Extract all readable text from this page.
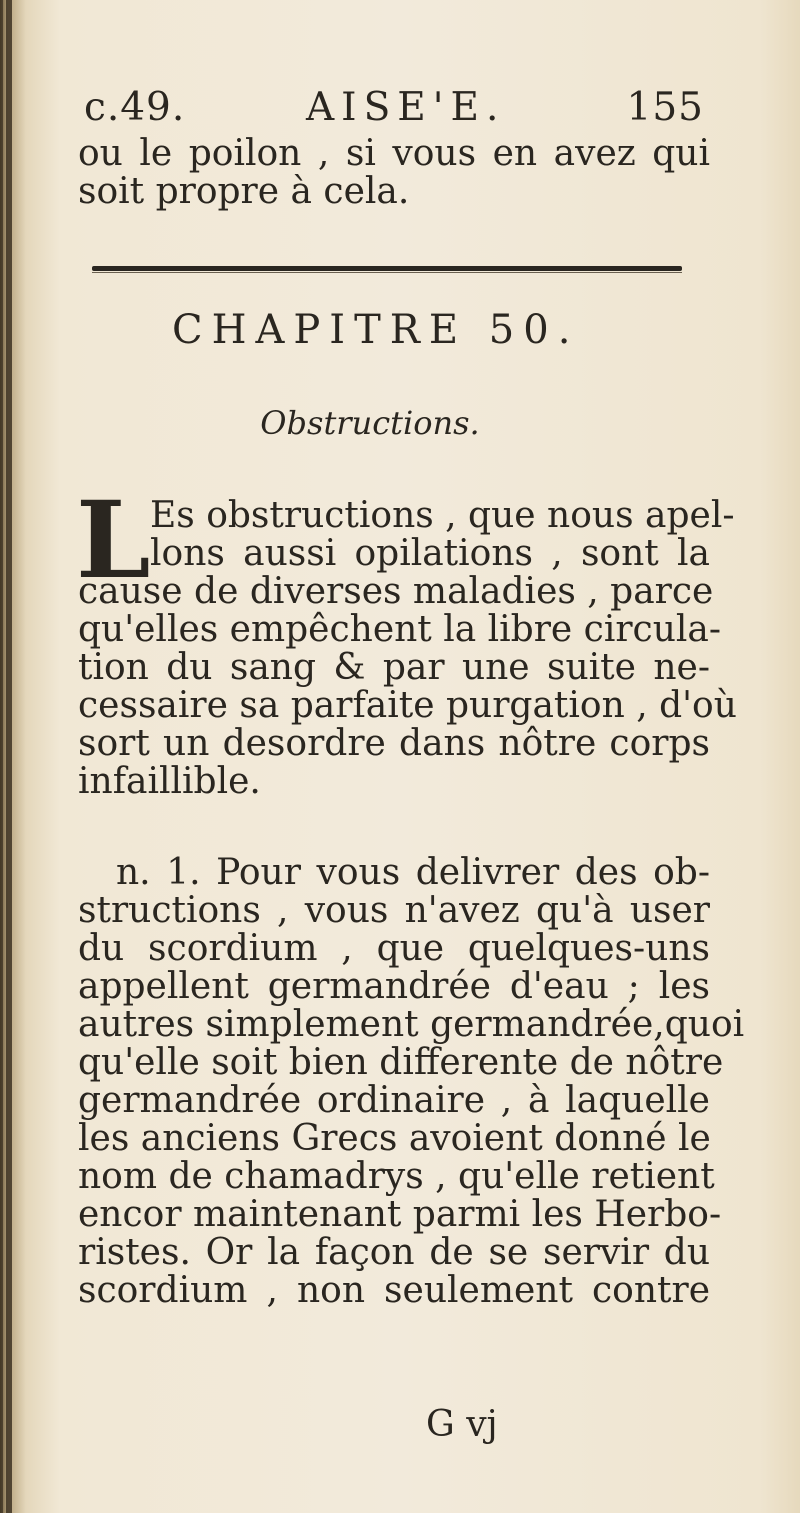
c.49.	AISE'E.	155
ou le poilon , si vous en avez qui
soit propre à cela.
CHAPITRE 50.
Obstructions.
L Es obstructions , que nous apel-
lons aussi opilations , sont la
cause de diverses maladies , parce
qu'elles empêchent la libre circula-
tion du sang & par une suite ne-
cessaire sa parfaite purgation , d'où
sort un desordre dans nôtre corps
infaillible.
n. 1. Pour vous delivrer des ob-
structions , vous n'avez qu'à user
du scordium , que quelques-uns
appellent germandrée d'eau ; les
autres simplement germandrée,quoi
qu'elle soit bien differente de nôtre
germandrée ordinaire , à laquelle
les anciens Grecs avoient donné le
nom de chamadrys , qu'elle retient
encor maintenant parmi les Herbo-
ristes. Or la façon de se servir du
scordium , non seulement contre
G vj
